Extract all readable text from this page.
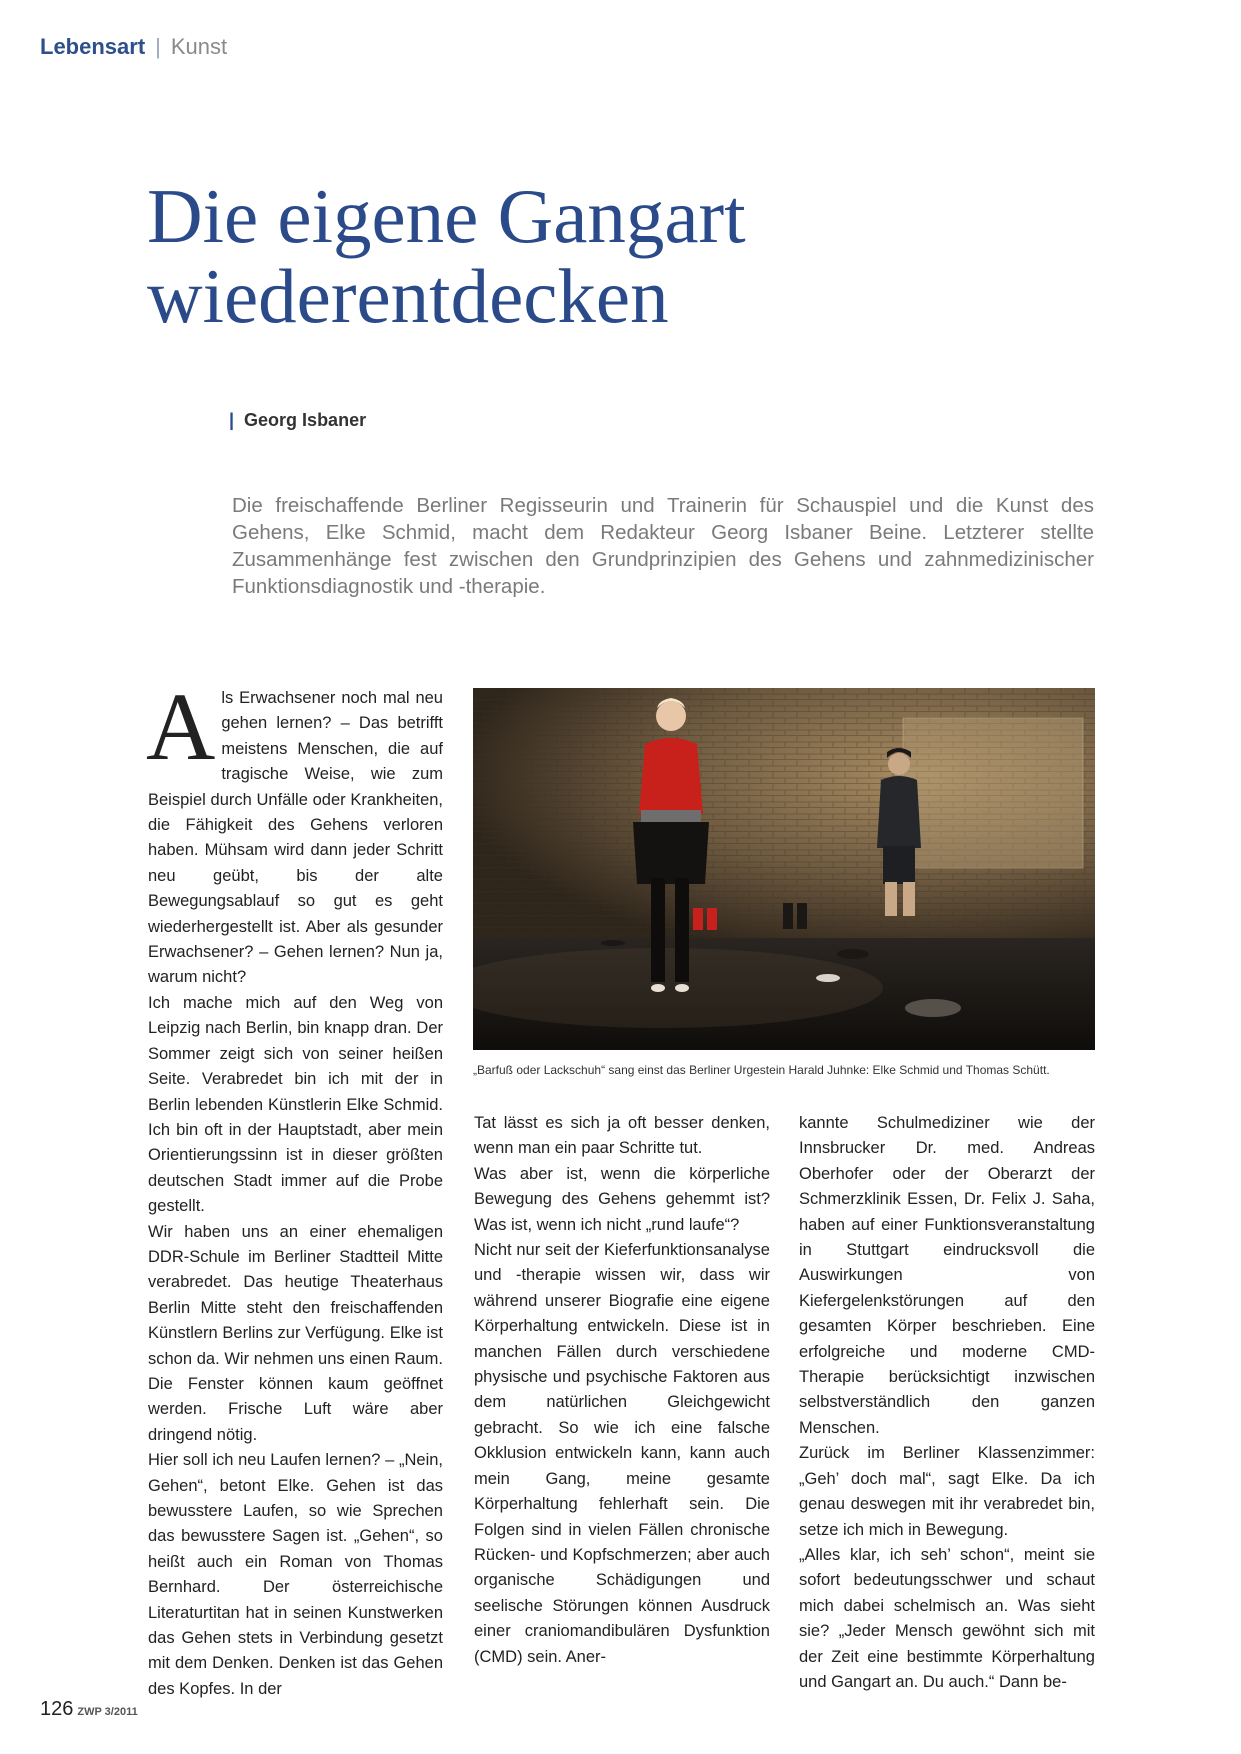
Lebensart | Kunst
Die eigene Gangart
wiederentdecken
| Georg Isbaner

Die freischaffende Berliner Regisseurin und Trainerin für Schauspiel und die Kunst des Gehens, Elke Schmid, macht dem Redakteur Georg Isbaner Beine. Letzterer stellte Zusammenhänge fest zwischen den Grundprinzipien des Gehens und zahnmedizinischer Funktionsdiagnostik und -therapie.

Als Erwachsener noch mal neu gehen lernen? – Das betrifft meistens Menschen, die auf tragische Weise, wie zum Beispiel durch Unfälle oder Krankheiten, die Fähigkeit des Gehens verloren haben. Mühsam wird dann jeder Schritt neu geübt, bis der alte Bewegungsablauf so gut es geht wiederhergestellt ist. Aber als gesunder Erwachsener? – Gehen lernen? Nun ja, warum nicht?

Ich mache mich auf den Weg von Leipzig nach Berlin, bin knapp dran. Der Sommer zeigt sich von seiner heißen Seite. Verabredet bin ich mit der in Berlin lebenden Künstlerin Elke Schmid. Ich bin oft in der Hauptstadt, aber mein Orientierungssinn ist in dieser größten deutschen Stadt immer auf die Probe gestellt.

Wir haben uns an einer ehemaligen DDR-Schule im Berliner Stadtteil Mitte verabredet. Das heutige Theaterhaus Berlin Mitte steht den freischaffenden Künstlern Berlins zur Verfügung. Elke ist schon da. Wir nehmen uns einen Raum. Die Fenster können kaum geöffnet werden. Frische Luft wäre aber dringend nötig.

Hier soll ich neu Laufen lernen? – „Nein, Gehen“, betont Elke. Gehen ist das bewusstere Laufen, so wie Sprechen das bewusstere Sagen ist. „Gehen“, so heißt auch ein Roman von Thomas Bernhard. Der österreichische Literaturtitan hat in seinen Kunstwerken das Gehen stets in Verbindung gesetzt mit dem Denken. Denken ist das Gehen des Kopfes. In der

„Barfuß oder Lackschuh“ sang einst das Berliner Urgestein Harald Juhnke: Elke Schmid und Thomas Schütt.

Tat lässt es sich ja oft besser denken, wenn man ein paar Schritte tut.

Was aber ist, wenn die körperliche Bewegung des Gehens gehemmt ist? Was ist, wenn ich nicht „rund laufe“?

Nicht nur seit der Kieferfunktionsanalyse und -therapie wissen wir, dass wir während unserer Biografie eine eigene Körperhaltung entwickeln. Diese ist in manchen Fällen durch verschiedene physische und psychische Faktoren aus dem natürlichen Gleichgewicht gebracht. So wie ich eine falsche Okklusion entwickeln kann, kann auch mein Gang, meine gesamte Körperhaltung fehlerhaft sein. Die Folgen sind in vielen Fällen chronische Rücken- und Kopfschmerzen; aber auch organische Schädigungen und seelische Störungen können Ausdruck einer craniomandibulären Dysfunktion (CMD) sein. Aner-

kannte Schulmediziner wie der Innsbrucker Dr. med. Andreas Oberhofer oder der Oberarzt der Schmerzklinik Essen, Dr. Felix J. Saha, haben auf einer Funktionsveranstaltung in Stuttgart eindrucksvoll die Auswirkungen von Kiefergelenkstörungen auf den gesamten Körper beschrieben. Eine erfolgreiche und moderne CMD-Therapie berücksichtigt inzwischen selbstverständlich den ganzen Menschen.

Zurück im Berliner Klassenzimmer: „Geh’ doch mal“, sagt Elke. Da ich genau deswegen mit ihr verabredet bin, setze ich mich in Bewegung.

„Alles klar, ich seh’ schon“, meint sie sofort bedeutungsschwer und schaut mich dabei schelmisch an. Was sieht sie? „Jeder Mensch gewöhnt sich mit der Zeit eine bestimmte Körperhaltung und Gangart an. Du auch.“ Dann be-

126 ZWP 3/2011
